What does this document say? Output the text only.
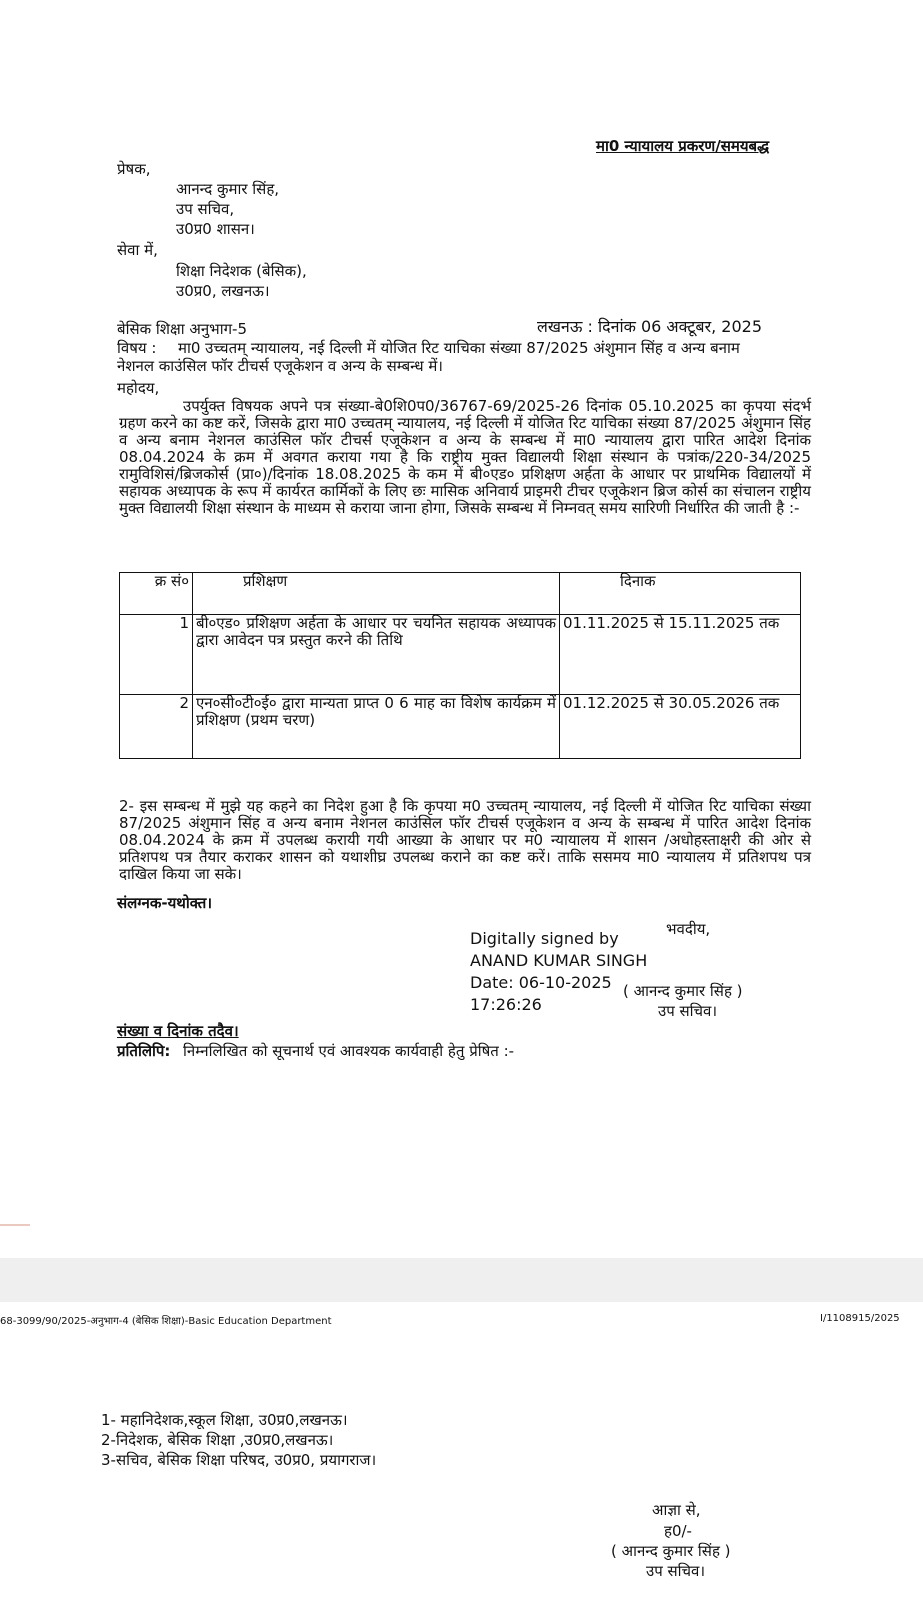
मा0 न्यायालय प्रकरण/समयबद्ध
प्रेषक,
आनन्द कुमार सिंह,
उप सचिव,
उ0प्र0 शासन।
सेवा में,
शिक्षा निदेशक (बेसिक),
उ0प्र0, लखनऊ।
बेसिक शिक्षा अनुभाग-5	लखनऊ : दिनांक 06 अक्टूबर, 2025
विषय : मा0 उच्चतम् न्यायालय, नई दिल्ली में योजित रिट याचिका संख्या 87/2025 अंशुमान सिंह व अन्य बनाम
नेशनल काउंसिल फॉर टीचर्स एजूकेशन व अन्य के सम्बन्ध में।
महोदय,
उपर्युक्त विषयक अपने पत्र संख्या-बे0शि0प0/36767-69/2025-26 दिनांक 05.10.2025 का कृपया संदर्भ ग्रहण करने का कष्ट करें, जिसके द्वारा मा0 उच्चतम् न्यायालय, नई दिल्ली में योजित रिट याचिका संख्या 87/2025 अंशुमान सिंह व अन्य बनाम नेशनल काउंसिल फॉर टीचर्स एजूकेशन व अन्य के सम्बन्ध में मा0 न्यायालय द्वारा पारित आदेश दिनांक 08.04.2024 के क्रम में अवगत कराया गया है कि राष्ट्रीय मुक्त विद्यालयी शिक्षा संस्थान के पत्रांक/220-34/2025 रामुविशिसं/ब्रिजकोर्स (प्रा०)/दिनांक 18.08.2025 के कम में बी०एड० प्रशिक्षण अर्हता के आधार पर प्राथमिक विद्यालयों में सहायक अध्यापक के रूप में कार्यरत कार्मिकों के लिए छः मासिक अनिवार्य प्राइमरी टीचर एजूकेशन ब्रिज कोर्स का संचालन राष्ट्रीय मुक्त विद्यालयी शिक्षा संस्थान के माध्यम से कराया जाना होगा, जिसके सम्बन्ध में निम्नवत् समय सारिणी निर्धारित की जाती है :-
क्र सं०	प्रशिक्षण	दिनाक
1	बी०एड० प्रशिक्षण अर्हता के आधार पर चयनित सहायक अध्यापक द्वारा आवेदन पत्र प्रस्तुत करने की तिथि	01.11.2025 से 15.11.2025 तक
2	एन०सी०टी०ई० द्वारा मान्यता प्राप्त 0 6 माह का विशेष कार्यक्रम में प्रशिक्षण (प्रथम चरण)	01.12.2025 से 30.05.2026 तक
2- इस सम्बन्ध में मुझे यह कहने का निदेश हुआ है कि कृपया म0 उच्चतम् न्यायालय, नई दिल्ली में योजित रिट याचिका संख्या 87/2025 अंशुमान सिंह व अन्य बनाम नेशनल काउंसिल फॉर टीचर्स एजूकेशन व अन्य के सम्बन्ध में पारित आदेश दिनांक 08.04.2024 के क्रम में उपलब्ध करायी गयी आख्या के आधार पर म0 न्यायालय में शासन /अधोहस्ताक्षरी की ओर से प्रतिशपथ पत्र तैयार कराकर शासन को यथाशीघ्र उपलब्ध कराने का कष्ट करें। ताकि ससमय मा0 न्यायालय में प्रतिशपथ पत्र दाखिल किया जा सके।
संलग्नक-यथोक्त।
भवदीय,
Digitally signed by
ANAND KUMAR SINGH
Date: 06-10-2025
17:26:26
( आनन्द कुमार सिंह )
उप सचिव।
संख्या व दिनांक तदैव।
प्रतिलिपि: निम्नलिखित को सूचनार्थ एवं आवश्यक कार्यवाही हेतु प्रेषित :-
68-3099/90/2025-अनुभाग-4 (बेसिक शिक्षा)-Basic Education Department	I/1108915/2025
1- महानिदेशक,स्कूल शिक्षा, उ0प्र0,लखनऊ।
2-निदेशक, बेसिक शिक्षा ,उ0प्र0,लखनऊ।
3-सचिव, बेसिक शिक्षा परिषद, उ0प्र0, प्रयागराज।
आज्ञा से,
ह0/-
( आनन्द कुमार सिंह )
उप सचिव।
